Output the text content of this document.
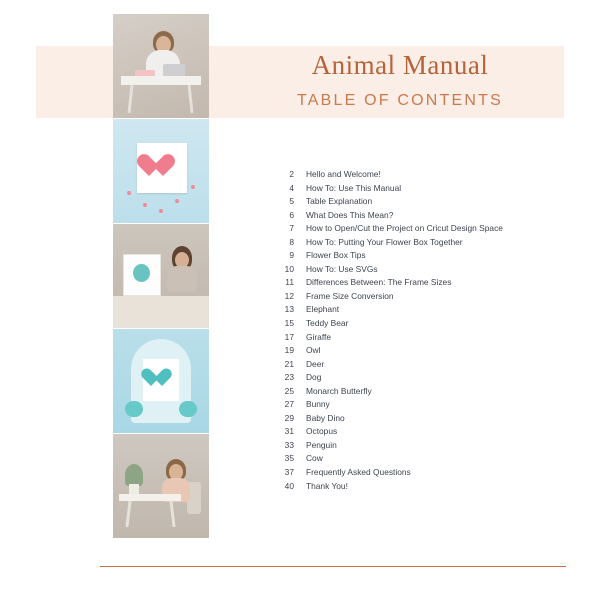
Animal Manual
TABLE OF CONTENTS
2 Hello and Welcome!
4 How To: Use This Manual
5 Table Explanation
6 What Does This Mean?
7 How to Open/Cut the Project on Cricut Design Space
8 How To: Putting Your Flower Box Together
9 Flower Box Tips
10 How To: Use SVGs
11 Differences Between: The Frame Sizes
12 Frame Size Conversion
13 Elephant
15 Teddy Bear
17 Giraffe
19 Owl
21 Deer
23 Dog
25 Monarch Butterfly
27 Bunny
29 Baby Dino
31 Octopus
33 Penguin
35 Cow
37 Frequently Asked Questions
40 Thank You!
